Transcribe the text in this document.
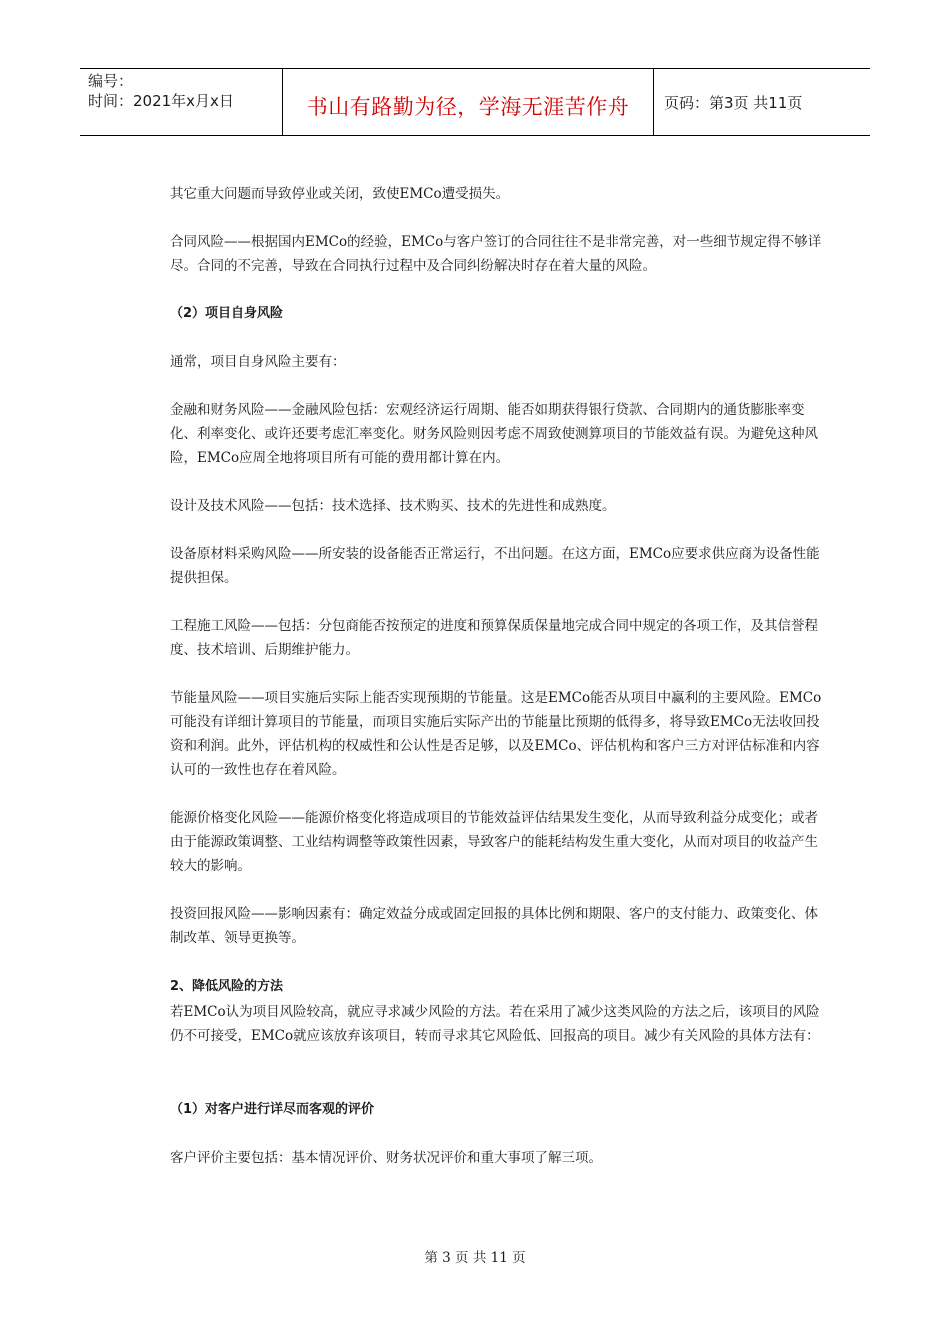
编号：
时间：2021年x月x日	书山有路勤为径，学海无涯苦作舟	页码：第3页 共11页

其它重大问题而导致停业或关闭，致使EMCo遭受损失。

合同风险——根据国内EMCo的经验，EMCo与客户签订的合同往往不是非常完善，对一些细节规定得不够详尽。合同的不完善，导致在合同执行过程中及合同纠纷解决时存在着大量的风险。

（2）项目自身风险

通常，项目自身风险主要有：

金融和财务风险——金融风险包括：宏观经济运行周期、能否如期获得银行贷款、合同期内的通货膨胀率变化、利率变化、或许还要考虑汇率变化。财务风险则因考虑不周致使测算项目的节能效益有误。为避免这种风险，EMCo应周全地将项目所有可能的费用都计算在内。

设计及技术风险——包括：技术选择、技术购买、技术的先进性和成熟度。

设备原材料采购风险——所安装的设备能否正常运行，不出问题。在这方面，EMCo应要求供应商为设备性能提供担保。

工程施工风险——包括：分包商能否按预定的进度和预算保质保量地完成合同中规定的各项工作，及其信誉程度、技术培训、后期维护能力。

节能量风险——项目实施后实际上能否实现预期的节能量。这是EMCo能否从项目中赢利的主要风险。EMCo可能没有详细计算项目的节能量，而项目实施后实际产出的节能量比预期的低得多，将导致EMCo无法收回投资和利润。此外，评估机构的权威性和公认性是否足够，以及EMCo、评估机构和客户三方对评估标准和内容认可的一致性也存在着风险。

能源价格变化风险——能源价格变化将造成项目的节能效益评估结果发生变化，从而导致利益分成变化；或者由于能源政策调整、工业结构调整等政策性因素，导致客户的能耗结构发生重大变化，从而对项目的收益产生较大的影响。

投资回报风险——影响因素有：确定效益分成或固定回报的具体比例和期限、客户的支付能力、政策变化、体制改革、领导更换等。

2、降低风险的方法

若EMCo认为项目风险较高，就应寻求减少风险的方法。若在采用了减少这类风险的方法之后，该项目的风险仍不可接受，EMCo就应该放弃该项目，转而寻求其它风险低、回报高的项目。减少有关风险的具体方法有：

（1）对客户进行详尽而客观的评价

客户评价主要包括：基本情况评价、财务状况评价和重大事项了解三项。

第 3 页 共 11 页
